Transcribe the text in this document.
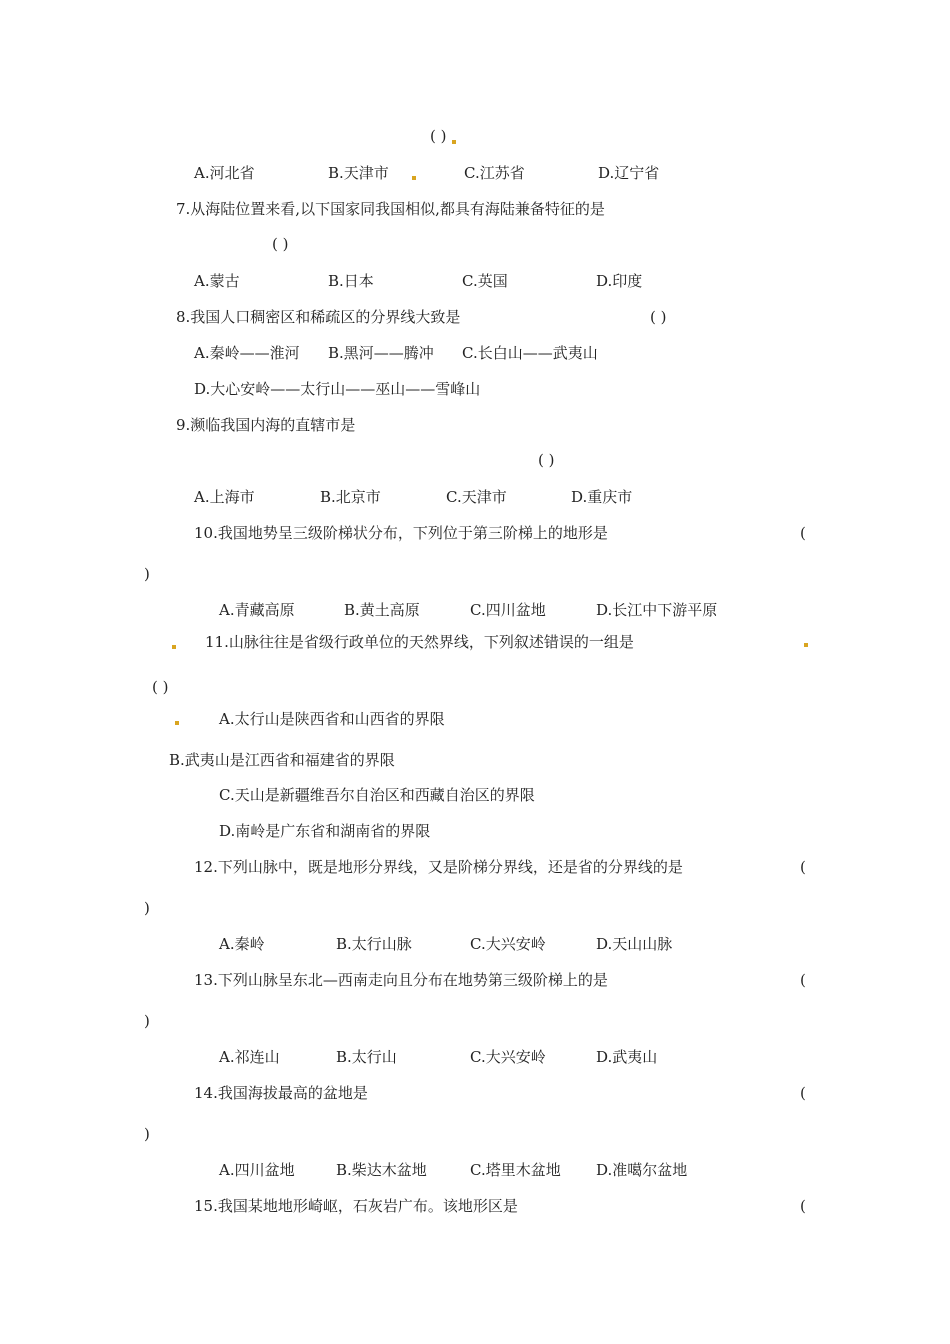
( )
A.河北省	B.天津市	C.江苏省	D.辽宁省
7.从海陆位置来看,以下国家同我国相似,都具有海陆兼备特征的是
( )
A.蒙古	B.日本	C.英国	D.印度
8.我国人口稠密区和稀疏区的分界线大致是	( )
A.秦岭——淮河 B.黑河——腾冲 C.长白山——武夷山
D.大心安岭——太行山——巫山——雪峰山
9.濒临我国内海的直辖市是
( )
A.上海市	B.北京市	C.天津市	D.重庆市
10.我国地势呈三级阶梯状分布，下列位于第三阶梯上的地形是	(
)
A.青藏高原	B.黄土高原	C.四川盆地	D.长江中下游平原
11.山脉往往是省级行政单位的天然界线，下列叙述错误的一组是
( )
A.太行山是陕西省和山西省的界限
B.武夷山是江西省和福建省的界限
C.天山是新疆维吾尔自治区和西藏自治区的界限
D.南岭是广东省和湖南省的界限
12.下列山脉中，既是地形分界线，又是阶梯分界线，还是省的分界线的是	(
)
A.秦岭	B.太行山脉	C.大兴安岭	D.天山山脉
13.下列山脉呈东北—西南走向且分布在地势第三级阶梯上的是	(
)
A.祁连山	B.太行山	C.大兴安岭	D.武夷山
14.我国海拔最高的盆地是	(
)
A.四川盆地	B.柴达木盆地	C.塔里木盆地 D.准噶尔盆地
15.我国某地地形崎岖，石灰岩广布。该地形区是	(
